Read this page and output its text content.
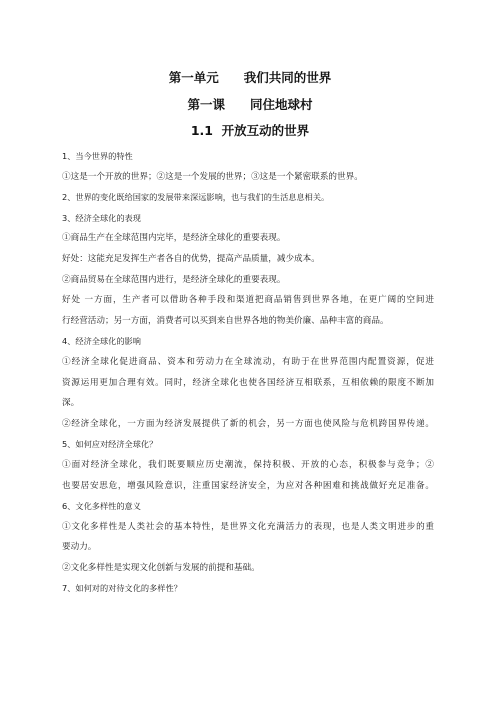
第一单元　　我们共同的世界
第一课　　同住地球村
1.1  开放互动的世界
1、当今世界的特性
①这是一个开放的世界；②这是一个发展的世界；③这是一个紧密联系的世界。
2、世界的变化既给国家的发展带来深远影响，也与我们的生活息息相关。
3、经济全球化的表现
①商品生产在全球范围内完毕，是经济全球化的重要表现。
好处：这能充足发挥生产者各自的优势，提高产品质量，减少成本。
②商品贸易在全球范围内进行，是经济全球化的重要表现。
好处 一方面，生产者可以借助各种手段和渠道把商品销售到世界各地，在更广阔的空间进
行经营活动；另一方面，消费者可以买到来自世界各地的物美价廉、品种丰富的商品。
4、经济全球化的影响
①经济全球化促进商品、资本和劳动力在全球流动，有助于在世界范围内配置资源，促进
资源运用更加合理有效。同时，经济全球化也使各国经济互相联系，互相依赖的限度不断加
深。
②经济全球化，一方面为经济发展提供了新的机会，另一方面也使风险与危机跨国界传递。
5、如何应对经济全球化？
①面对经济全球化，我们既要顺应历史潮流，保持积极、开放的心态，积极参与竞争；②
也要居安思危，增强风险意识，注重国家经济安全，为应对各种困难和挑战做好充足准备。
6、文化多样性的意义
①文化多样性是人类社会的基本特性，是世界文化充满活力的表现，也是人类文明进步的重
要动力。
②文化多样性是实现文化创新与发展的前提和基础。
7、如何对的对待文化的多样性？
